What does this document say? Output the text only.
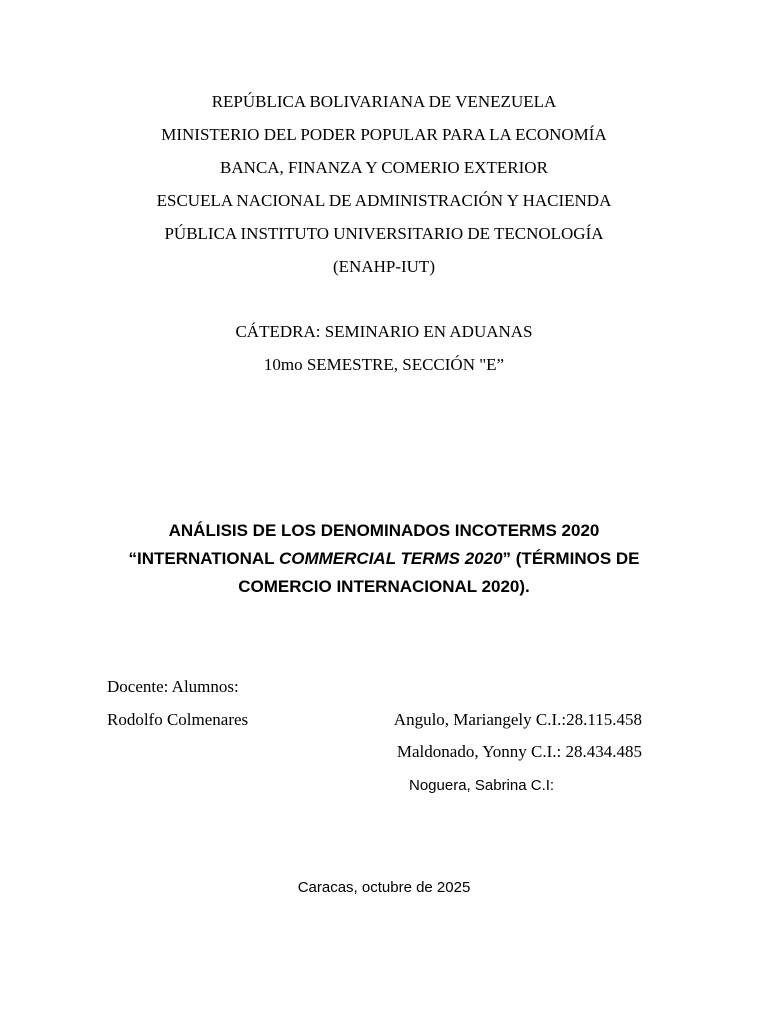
REPÚBLICA BOLIVARIANA DE VENEZUELA
MINISTERIO DEL PODER POPULAR PARA LA ECONOMÍA
BANCA, FINANZA Y COMERIO EXTERIOR
ESCUELA NACIONAL DE ADMINISTRACIÓN Y HACIENDA
PÚBLICA INSTITUTO UNIVERSITARIO DE TECNOLOGÍA
(ENAHP-IUT)
CÁTEDRA: SEMINARIO EN ADUANAS
10mo SEMESTRE, SECCIÓN "E”
ANÁLISIS DE LOS DENOMINADOS INCOTERMS 2020
“INTERNATIONAL COMMERCIAL TERMS 2020” (TÉRMINOS DE
COMERCIO INTERNACIONAL 2020).
Docente: Alumnos:
Rodolfo Colmenares	Angulo, Mariangely C.I.:28.115.458
Maldonado, Yonny C.I.: 28.434.485
Noguera, Sabrina C.I:
Caracas, octubre de 2025
